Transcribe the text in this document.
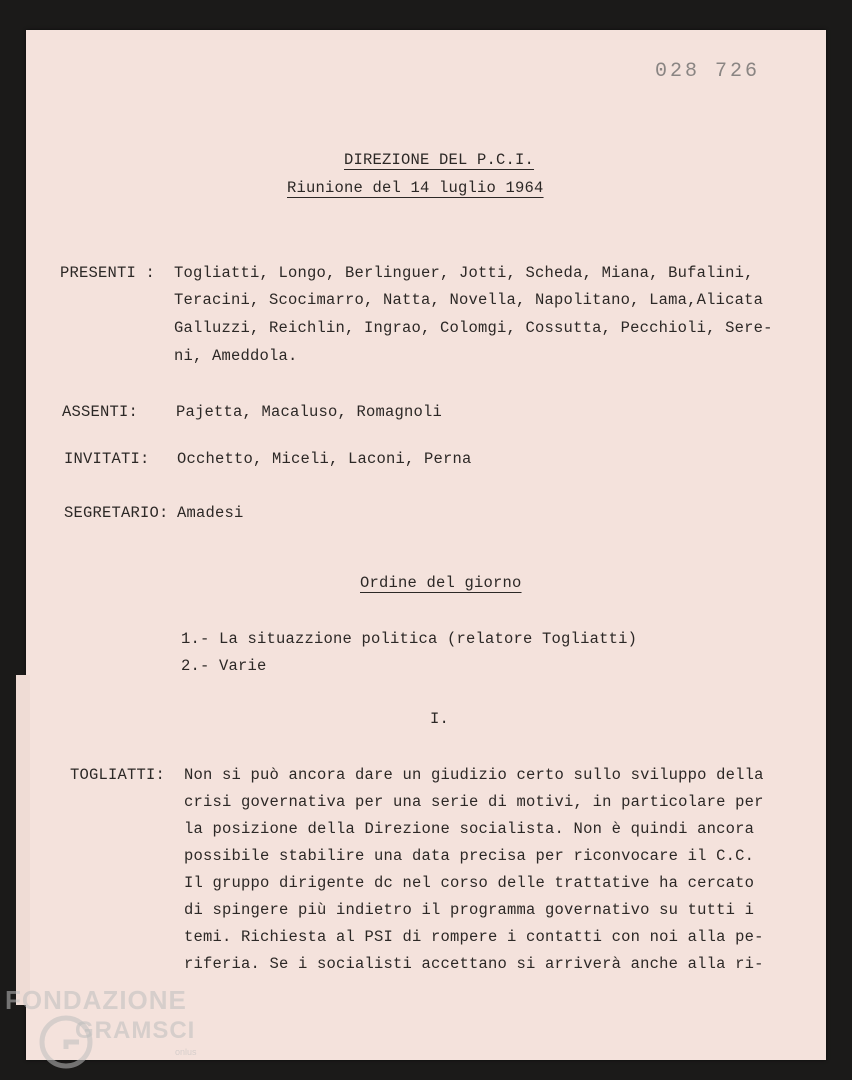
028 726
DIREZIONE DEL P.C.I.
Riunione del 14 luglio 1964
PRESENTI : Togliatti, Longo, Berlinguer, Jotti, Scheda, Miana, Bufalini,
Teracini, Scocimarro, Natta, Novella, Napolitano, Lama,Alicata
Galluzzi, Reichlin, Ingrao, Colomgi, Cossutta, Pecchioli, Sere-
ni, Ameddola.
ASSENTI: Pajetta, Macaluso, Romagnoli
INVITATI: Occhetto, Miceli, Laconi, Perna
SEGRETARIO: Amadesi
Ordine del giorno
1.- La situazzione politica (relatore Togliatti)
2.- Varie
I.
TOGLIATTI: Non si può ancora dare un giudizio certo sullo sviluppo della
crisi governativa per una serie di motivi, in particolare per
la posizione della Direzione socialista. Non è quindi ancora
possibile stabilire una data precisa per riconvocare il C.C.
Il gruppo dirigente dc nel corso delle trattative ha cercato
di spingere più indietro il programma governativo su tutti i
temi. Richiesta al PSI di rompere i contatti con noi alla pe-
riferia. Se i socialisti accettano si arriverà anche alla ri-
FONDAZIONE
GRAMSCI
onlus
